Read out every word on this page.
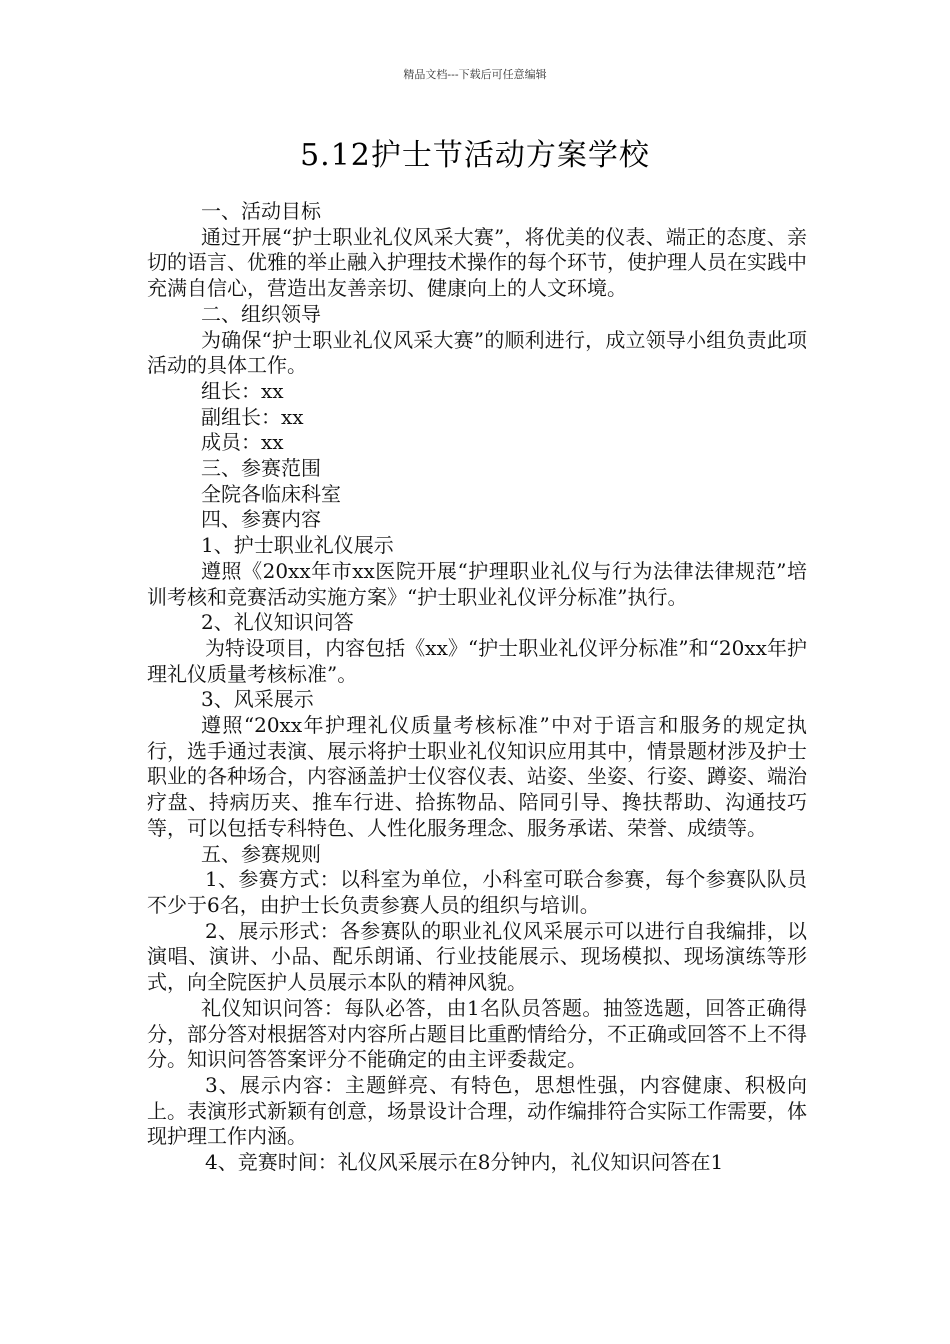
精品文档---下载后可任意编辑
5.12护士节活动方案学校

一、活动目标

通过开展“护士职业礼仪风采大赛”，将优美的仪表、端正的态度、亲切的语言、优雅的举止融入护理技术操作的每个环节，使护理人员在实践中充满自信心，营造出友善亲切、健康向上的人文环境。

二、组织领导

为确保“护士职业礼仪风采大赛”的顺利进行，成立领导小组负责此项活动的具体工作。

组长：xx

副组长：xx

成员：xx

三、参赛范围

全院各临床科室

四、参赛内容

1、护士职业礼仪展示

遵照《20xx年市xx医院开展“护理职业礼仪与行为法律法律规范”培训考核和竞赛活动实施方案》“护士职业礼仪评分标准”执行。

2、礼仪知识问答

为特设项目，内容包括《xx》“护士职业礼仪评分标准”和“20xx年护理礼仪质量考核标准”。

3、风采展示

遵照“20xx年护理礼仪质量考核标准”中对于语言和服务的规定执行，选手通过表演、展示将护士职业礼仪知识应用其中，情景题材涉及护士职业的各种场合，内容涵盖护士仪容仪表、站姿、坐姿、行姿、蹲姿、端治疗盘、持病历夹、推车行进、拾拣物品、陪同引导、搀扶帮助、沟通技巧等，可以包括专科特色、人性化服务理念、服务承诺、荣誉、成绩等。

五、参赛规则

1、参赛方式：以科室为单位，小科室可联合参赛，每个参赛队队员不少于6名，由护士长负责参赛人员的组织与培训。

2、展示形式：各参赛队的职业礼仪风采展示可以进行自我编排，以演唱、演讲、小品、配乐朗诵、行业技能展示、现场模拟、现场演练等形式，向全院医护人员展示本队的精神风貌。

礼仪知识问答：每队必答，由1名队员答题。抽签选题，回答正确得分，部分答对根据答对内容所占题目比重酌情给分，不正确或回答不上不得分。知识问答答案评分不能确定的由主评委裁定。

3、展示内容：主题鲜亮、有特色，思想性强，内容健康、积极向上。表演形式新颖有创意，场景设计合理，动作编排符合实际工作需要，体现护理工作内涵。

4、竞赛时间：礼仪风采展示在8分钟内，礼仪知识问答在1
